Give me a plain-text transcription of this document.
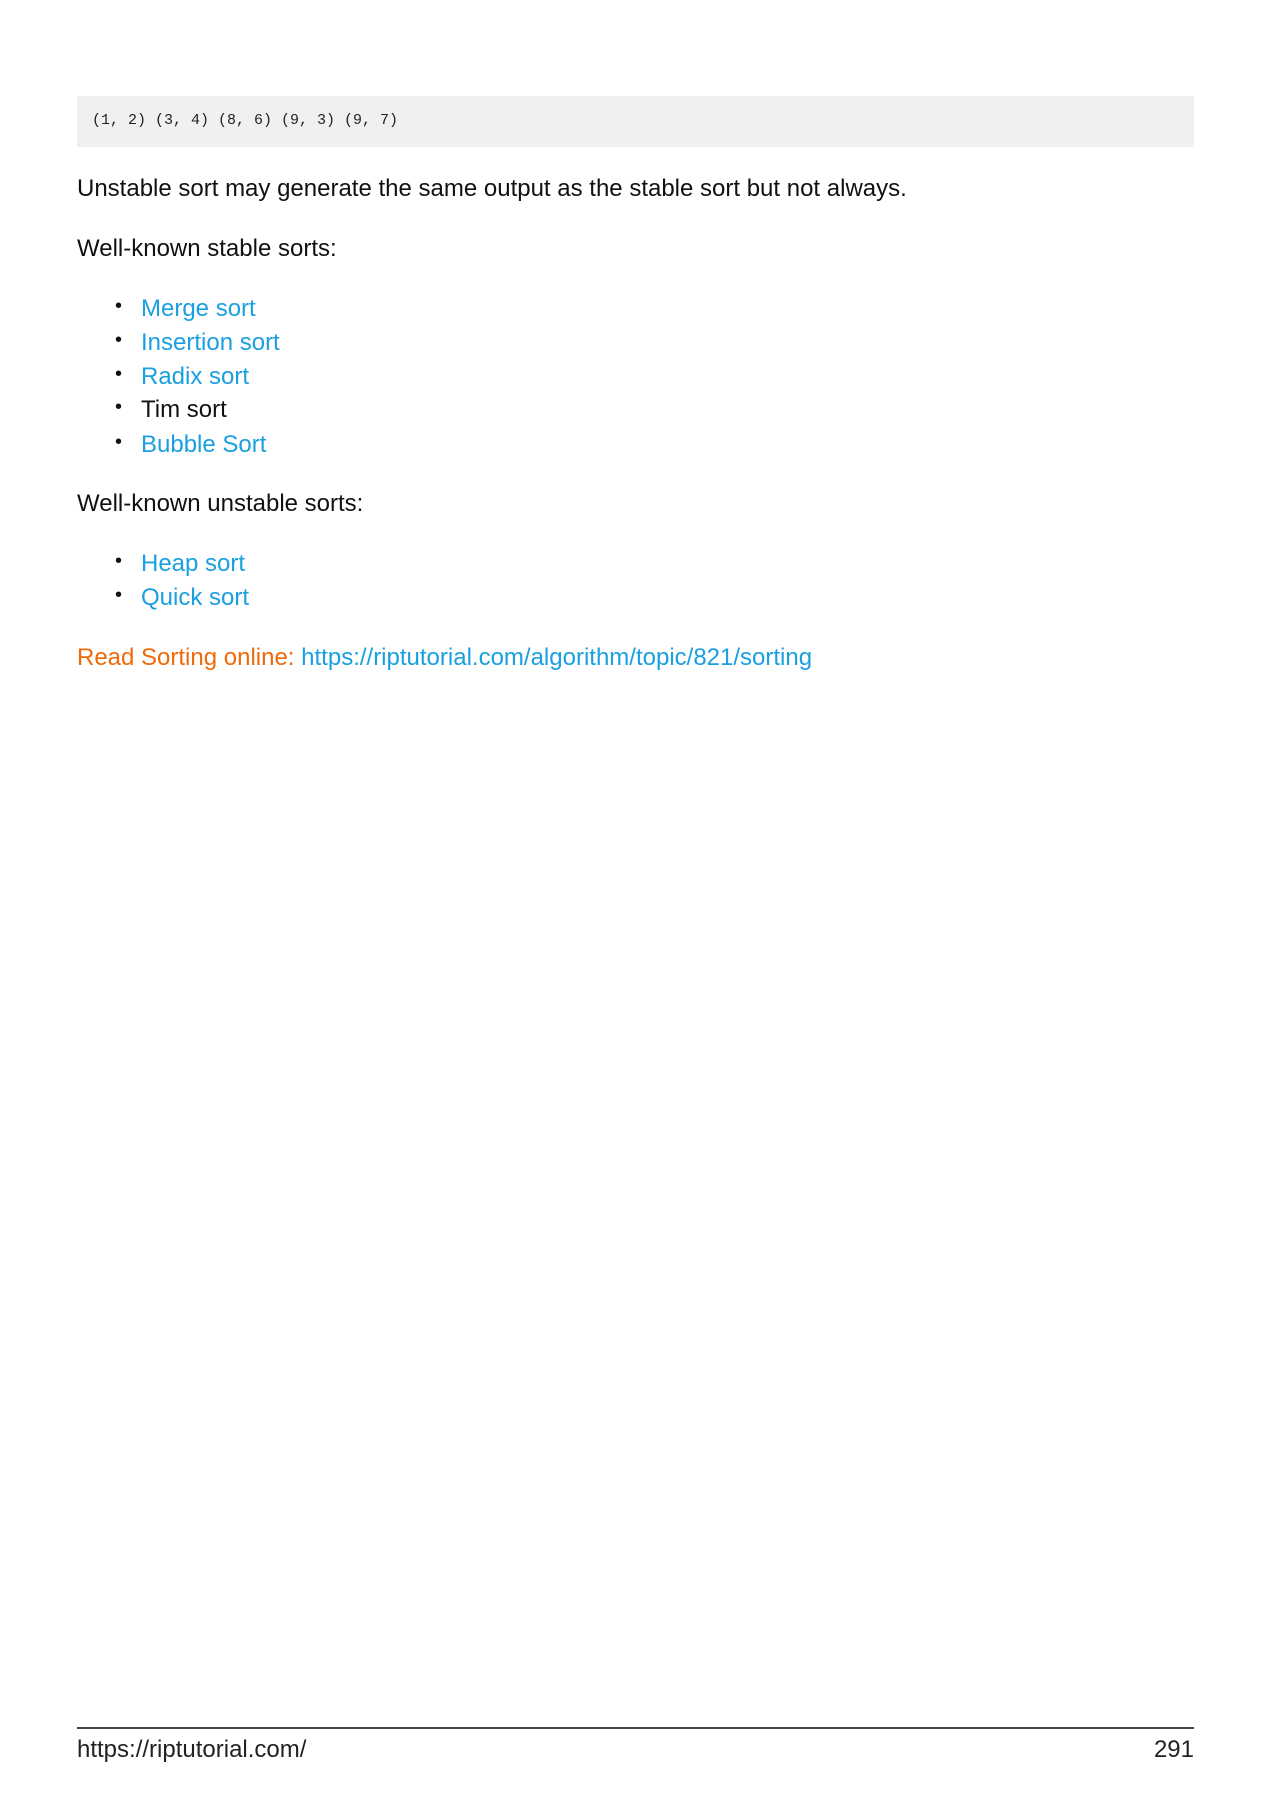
(1, 2) (3, 4) (8, 6) (9, 3) (9, 7)
Unstable sort may generate the same output as the stable sort but not always.
Well-known stable sorts:
• Merge sort
• Insertion sort
• Radix sort
• Tim sort
• Bubble Sort
Well-known unstable sorts:
• Heap sort
• Quick sort
Read Sorting online: https://riptutorial.com/algorithm/topic/821/sorting
https://riptutorial.com/	291
